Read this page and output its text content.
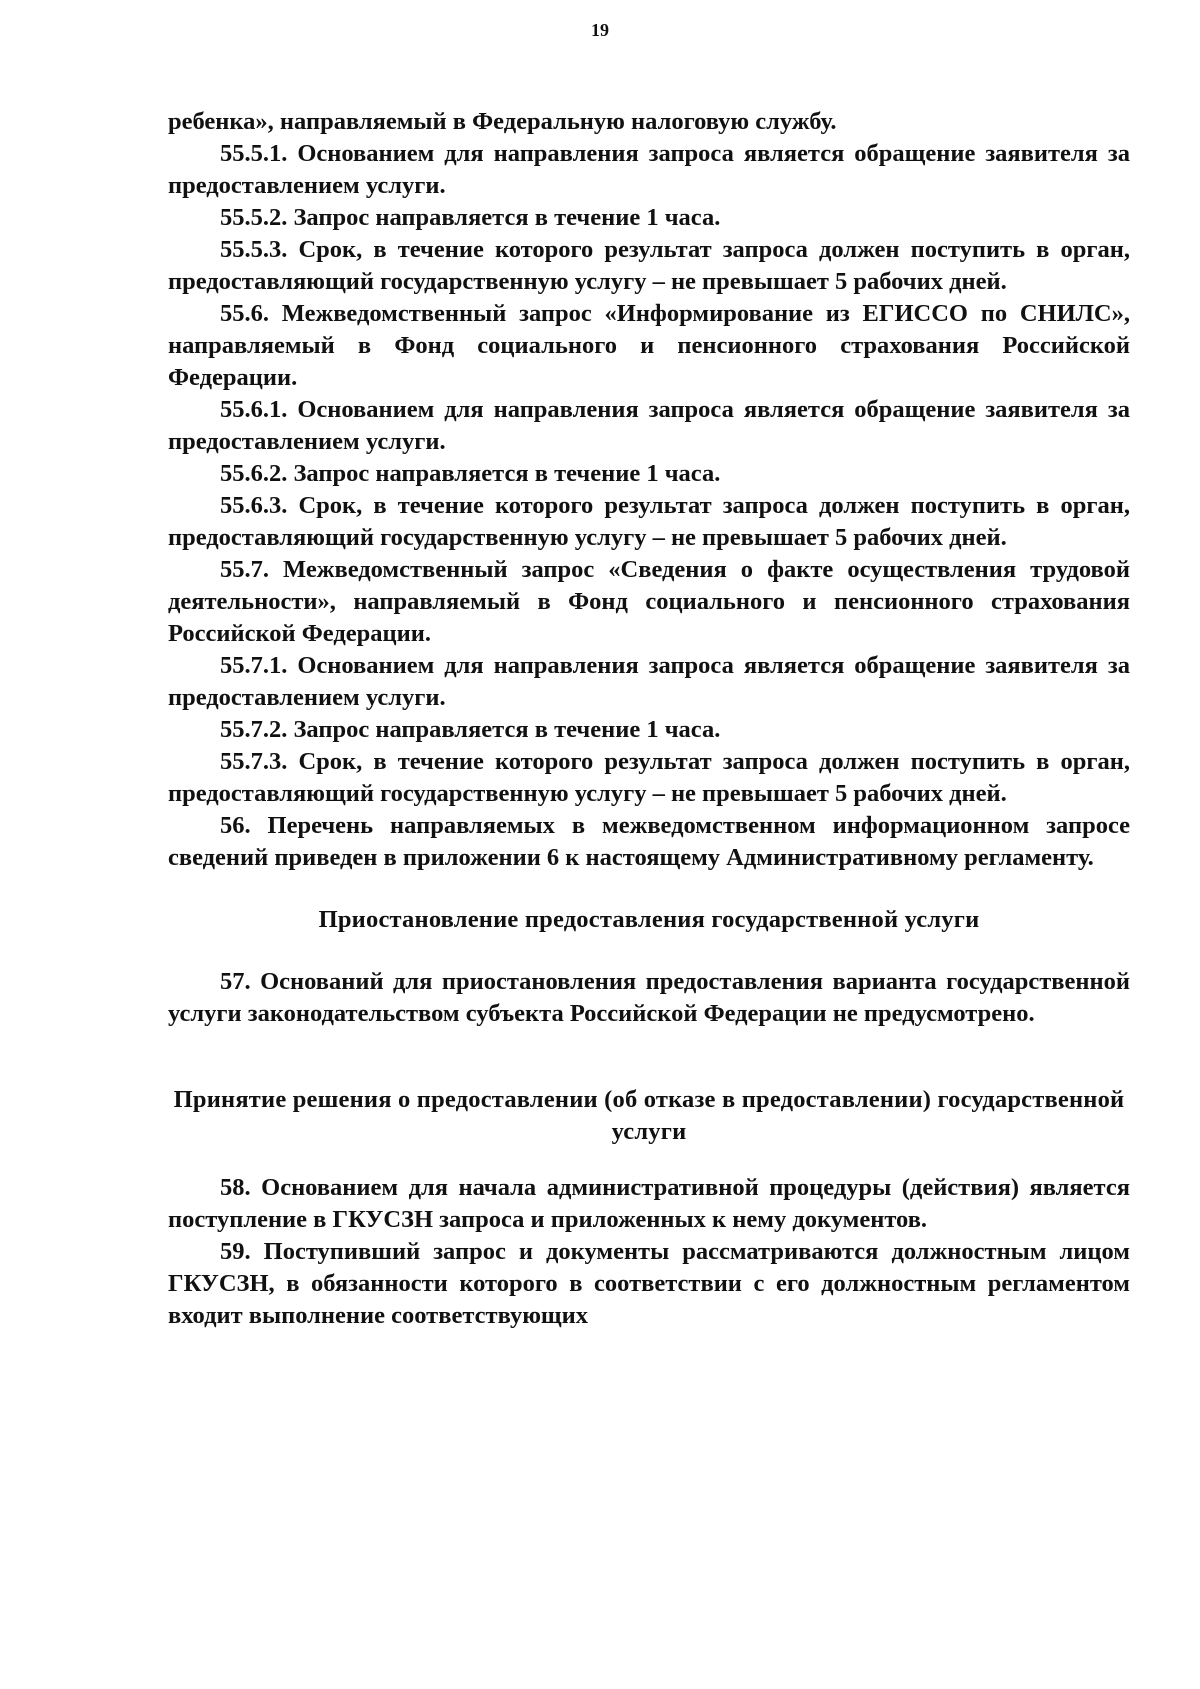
19

ребенка», направляемый в Федеральную налоговую службу.

55.5.1. Основанием для направления запроса является обращение заявителя за предоставлением услуги.

55.5.2. Запрос направляется в течение 1 часа.

55.5.3. Срок, в течение которого результат запроса должен поступить в орган, предоставляющий государственную услугу – не превышает 5 рабочих дней.

55.6. Межведомственный запрос «Информирование из ЕГИССО по СНИЛС», направляемый в Фонд социального и пенсионного страхования Российской Федерации.

55.6.1. Основанием для направления запроса является обращение заявителя за предоставлением услуги.

55.6.2. Запрос направляется в течение 1 часа.

55.6.3. Срок, в течение которого результат запроса должен поступить в орган, предоставляющий государственную услугу – не превышает 5 рабочих дней.

55.7. Межведомственный запрос «Сведения о факте осуществления трудовой деятельности», направляемый в Фонд социального и пенсионного страхования Российской Федерации.

55.7.1. Основанием для направления запроса является обращение заявителя за предоставлением услуги.

55.7.2. Запрос направляется в течение 1 часа.

55.7.3. Срок, в течение которого результат запроса должен поступить в орган, предоставляющий государственную услугу – не превышает 5 рабочих дней.

56. Перечень направляемых в межведомственном информационном запросе сведений приведен в приложении 6 к настоящему Административному регламенту.

Приостановление предоставления государственной услуги

57. Оснований для приостановления предоставления варианта государственной услуги законодательством субъекта Российской Федерации не предусмотрено.

Принятие решения о предоставлении (об отказе в предоставлении) государственной услуги

58. Основанием для начала административной процедуры (действия) является поступление в ГКУСЗН запроса и приложенных к нему документов.

59. Поступивший запрос и документы рассматриваются должностным лицом ГКУСЗН, в обязанности которого в соответствии с его должностным регламентом входит выполнение соответствующих
